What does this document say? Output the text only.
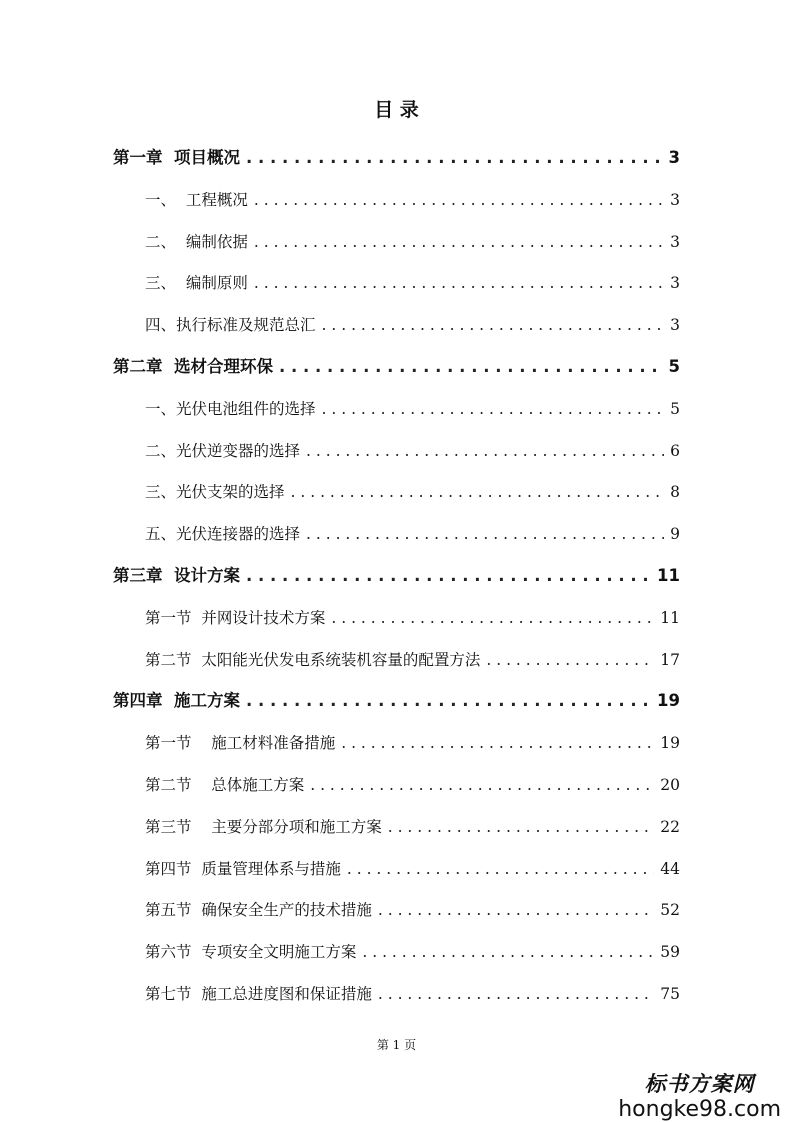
目 录
第一章  项目概况 . . .	3
一、  工程概况 . . .	3
二、  编制依据 . . .	3
三、  编制原则 . . .	3
四、执行标准及规范总汇 . . .	3
第二章  选材合理环保 . . .	5
一、光伏电池组件的选择 . . .	5
二、光伏逆变器的选择 . . .	6
三、光伏支架的选择 . . .	8
五、光伏连接器的选择 . . .	9
第三章  设计方案 . . .	11
第一节  并网设计技术方案 . . .	11
第二节  太阳能光伏发电系统装机容量的配置方法 . . .	17
第四章  施工方案 . . .	19
第一节    施工材料准备措施 . . .	19
第二节    总体施工方案 . . .	20
第三节    主要分部分项和施工方案 . . .	22
第四节  质量管理体系与措施 . . .	44
第五节  确保安全生产的技术措施 . . .	52
第六节  专项安全文明施工方案 . . .	59
第七节  施工总进度图和保证措施 . . .	75
第 1 页
标书方案网
hongke98.com
